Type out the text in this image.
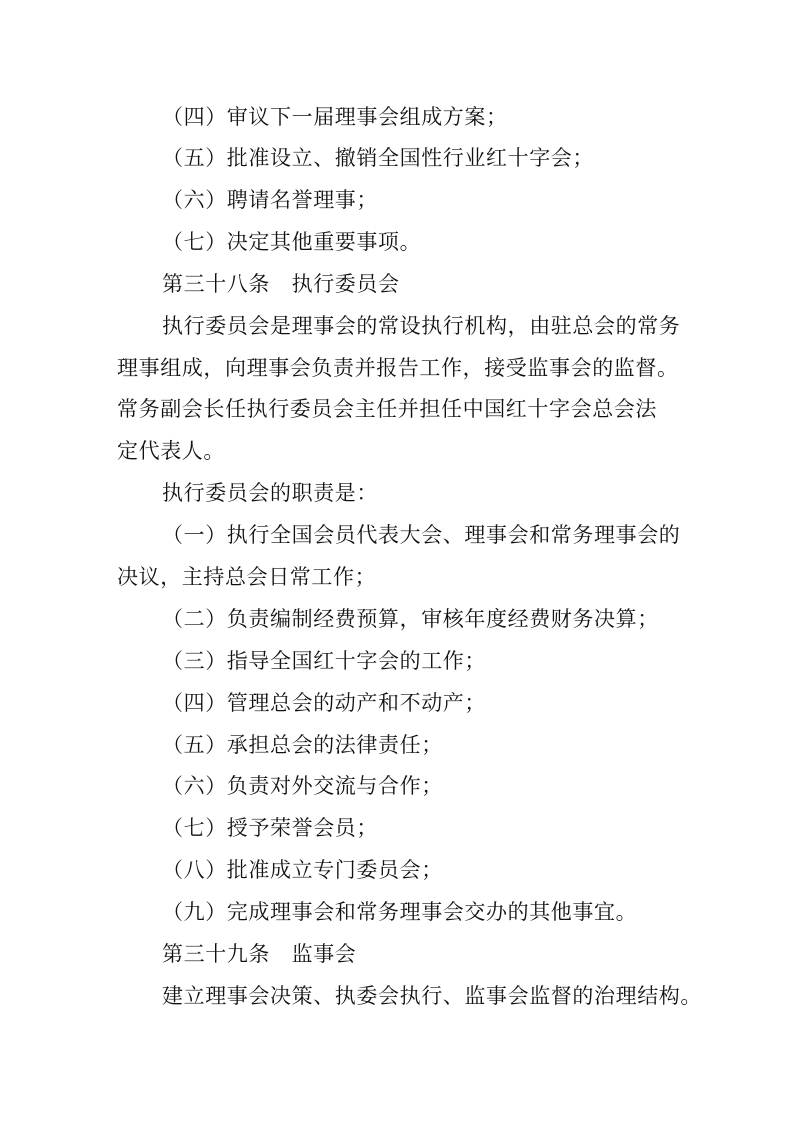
（四）审议下一届理事会组成方案；
（五）批准设立、撤销全国性行业红十字会；
（六）聘请名誉理事；
（七）决定其他重要事项。
第三十八条　执行委员会
执行委员会是理事会的常设执行机构，由驻总会的常务
理事组成，向理事会负责并报告工作，接受监事会的监督。
常务副会长任执行委员会主任并担任中国红十字会总会法
定代表人。
执行委员会的职责是：
（一）执行全国会员代表大会、理事会和常务理事会的
决议，主持总会日常工作；
（二）负责编制经费预算，审核年度经费财务决算；
（三）指导全国红十字会的工作；
（四）管理总会的动产和不动产；
（五）承担总会的法律责任；
（六）负责对外交流与合作；
（七）授予荣誉会员；
（八）批准成立专门委员会；
（九）完成理事会和常务理事会交办的其他事宜。
第三十九条　监事会
建立理事会决策、执委会执行、监事会监督的治理结构。
